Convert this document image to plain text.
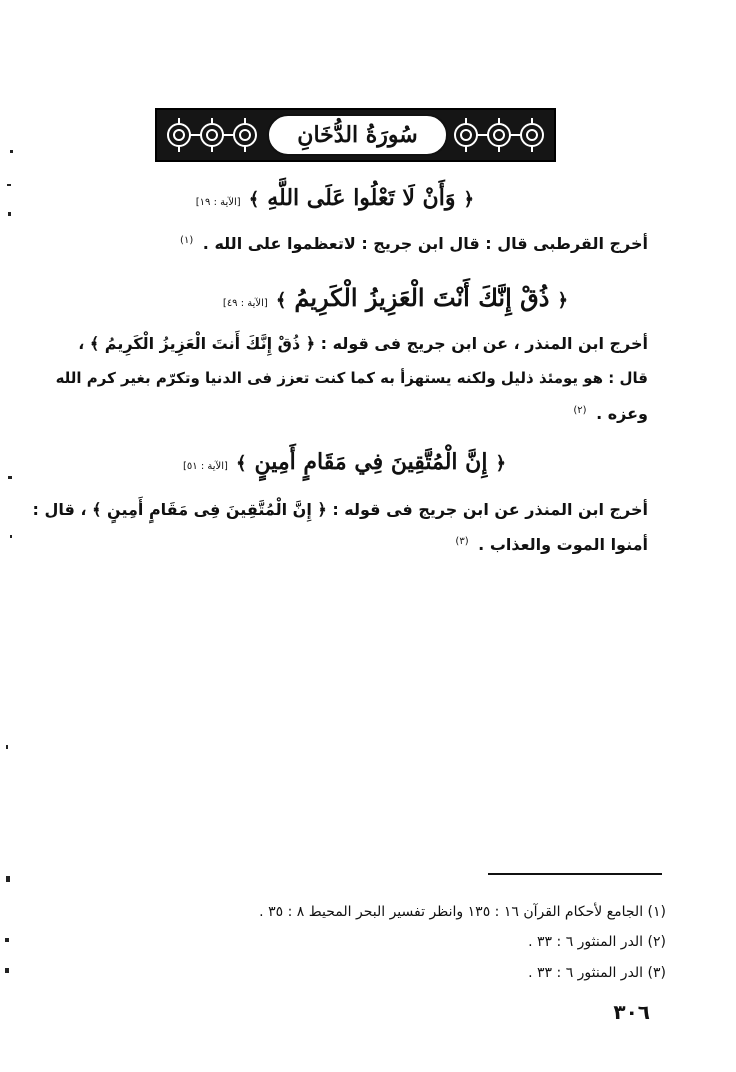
سُورَةُ الدُّخَانِ
﴿
وَأَنْ لَا تَعْلُوا عَلَى اللَّهِ
﴾
[الآية : ١٩]
أخرج القرطبى قال : قال ابن جريج : لاتعظموا على الله . $^{(١)}$
﴿
ذُقْ إِنَّكَ أَنْتَ الْعَزِيزُ الْكَرِيمُ
﴾
[الآية : ٤٩]
أخرج ابن المنذر ، عن ابن جريج فى قوله : ﴿ ذُقْ إِنَّكَ أَنتَ الْعَزِيزُ الْكَرِيمُ ﴾ ،
قال : هو يومئذ ذليل ولكنه يستهزأ به كما كنت تعزز فى الدنيا وتكرّم بغير كرم الله
وعزه . $^{(٢)}$
﴿
إِنَّ الْمُتَّقِينَ فِي مَقَامٍ أَمِينٍ
﴾
[الآية : ٥١]
أخرج ابن المنذر عن ابن جريج فى قوله : ﴿ إِنَّ الْمُتَّقِينَ فِى مَقَامٍ أَمِينٍ ﴾ ، قال :
أمنوا الموت والعذاب . $^{(٣)}$
(١) الجامع لأحكام القرآن ١٦ : ١٣٥ وانظر تفسير البحر المحيط ٨ : ٣٥ .
(٢) الدر المنثور ٦ : ٣٣ .
(٣) الدر المنثور ٦ : ٣٣ .
٣٠٦
